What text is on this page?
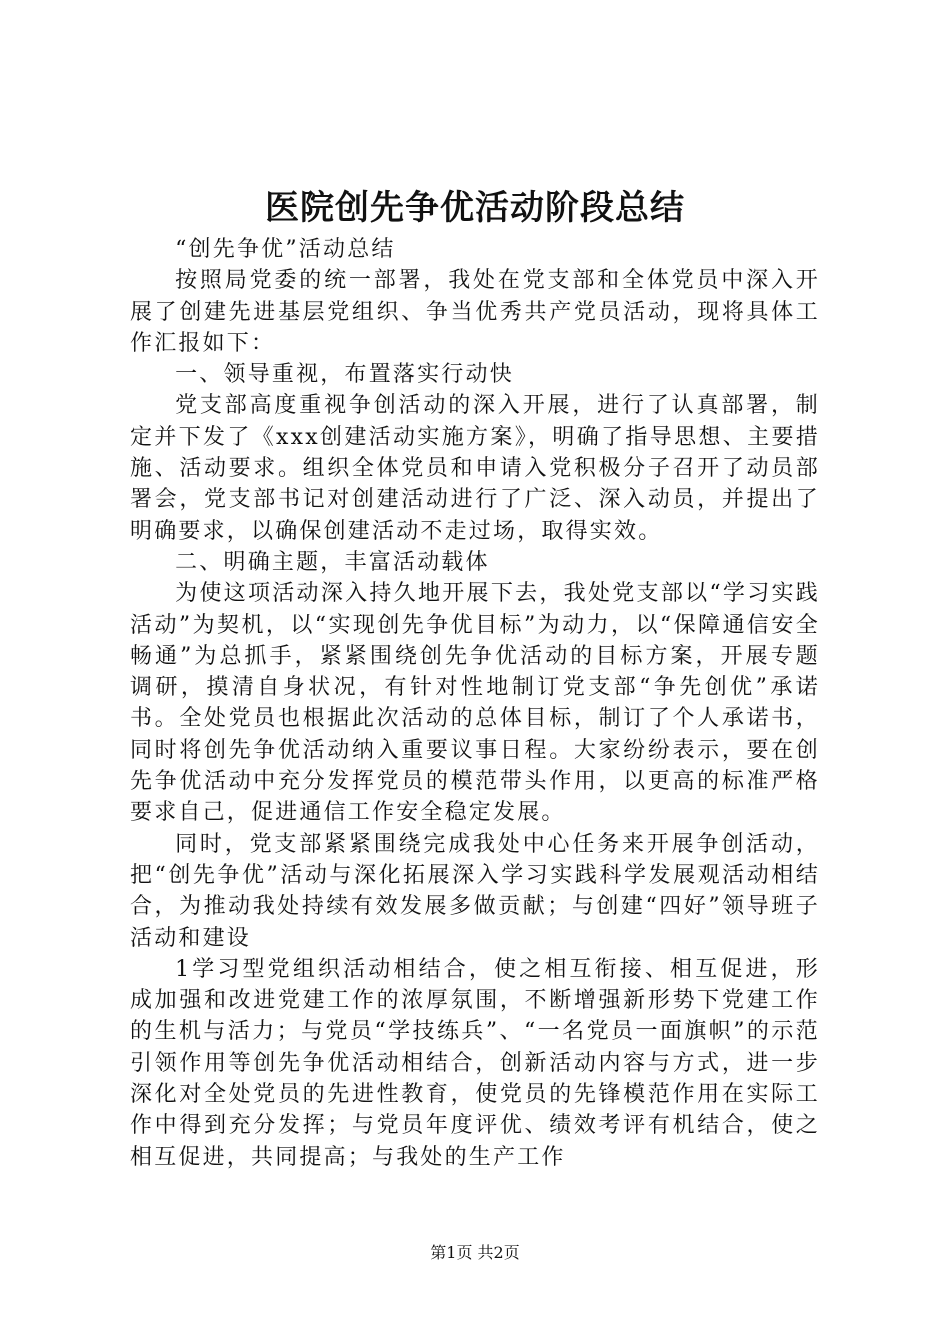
医院创先争优活动阶段总结

“创先争优”活动总结

按照局党委的统一部署，我处在党支部和全体党员中深入开展了创建先进基层党组织、争当优秀共产党员活动，现将具体工作汇报如下：

一、领导重视，布置落实行动快

党支部高度重视争创活动的深入开展，进行了认真部署，制定并下发了《xxx创建活动实施方案》，明确了指导思想、主要措施、活动要求。组织全体党员和申请入党积极分子召开了动员部署会，党支部书记对创建活动进行了广泛、深入动员，并提出了明确要求，以确保创建活动不走过场，取得实效。

二、明确主题，丰富活动载体

为使这项活动深入持久地开展下去，我处党支部以“学习实践活动”为契机，以“实现创先争优目标”为动力，以“保障通信安全畅通”为总抓手，紧紧围绕创先争优活动的目标方案，开展专题调研，摸清自身状况，有针对性地制订党支部“争先创优”承诺书。全处党员也根据此次活动的总体目标，制订了个人承诺书，同时将创先争优活动纳入重要议事日程。大家纷纷表示，要在创先争优活动中充分发挥党员的模范带头作用，以更高的标准严格要求自己，促进通信工作安全稳定发展。

同时，党支部紧紧围绕完成我处中心任务来开展争创活动，把“创先争优”活动与深化拓展深入学习实践科学发展观活动相结合，为推动我处持续有效发展多做贡献；与创建“四好”领导班子活动和建设

1学习型党组织活动相结合，使之相互衔接、相互促进，形成加强和改进党建工作的浓厚氛围，不断增强新形势下党建工作的生机与活力；与党员“学技练兵”、“一名党员一面旗帜”的示范引领作用等创先争优活动相结合，创新活动内容与方式，进一步深化对全处党员的先进性教育，使党员的先锋模范作用在实际工作中得到充分发挥；与党员年度评优、绩效考评有机结合，使之相互促进，共同提高；与我处的生产工作

第1页 共2页
